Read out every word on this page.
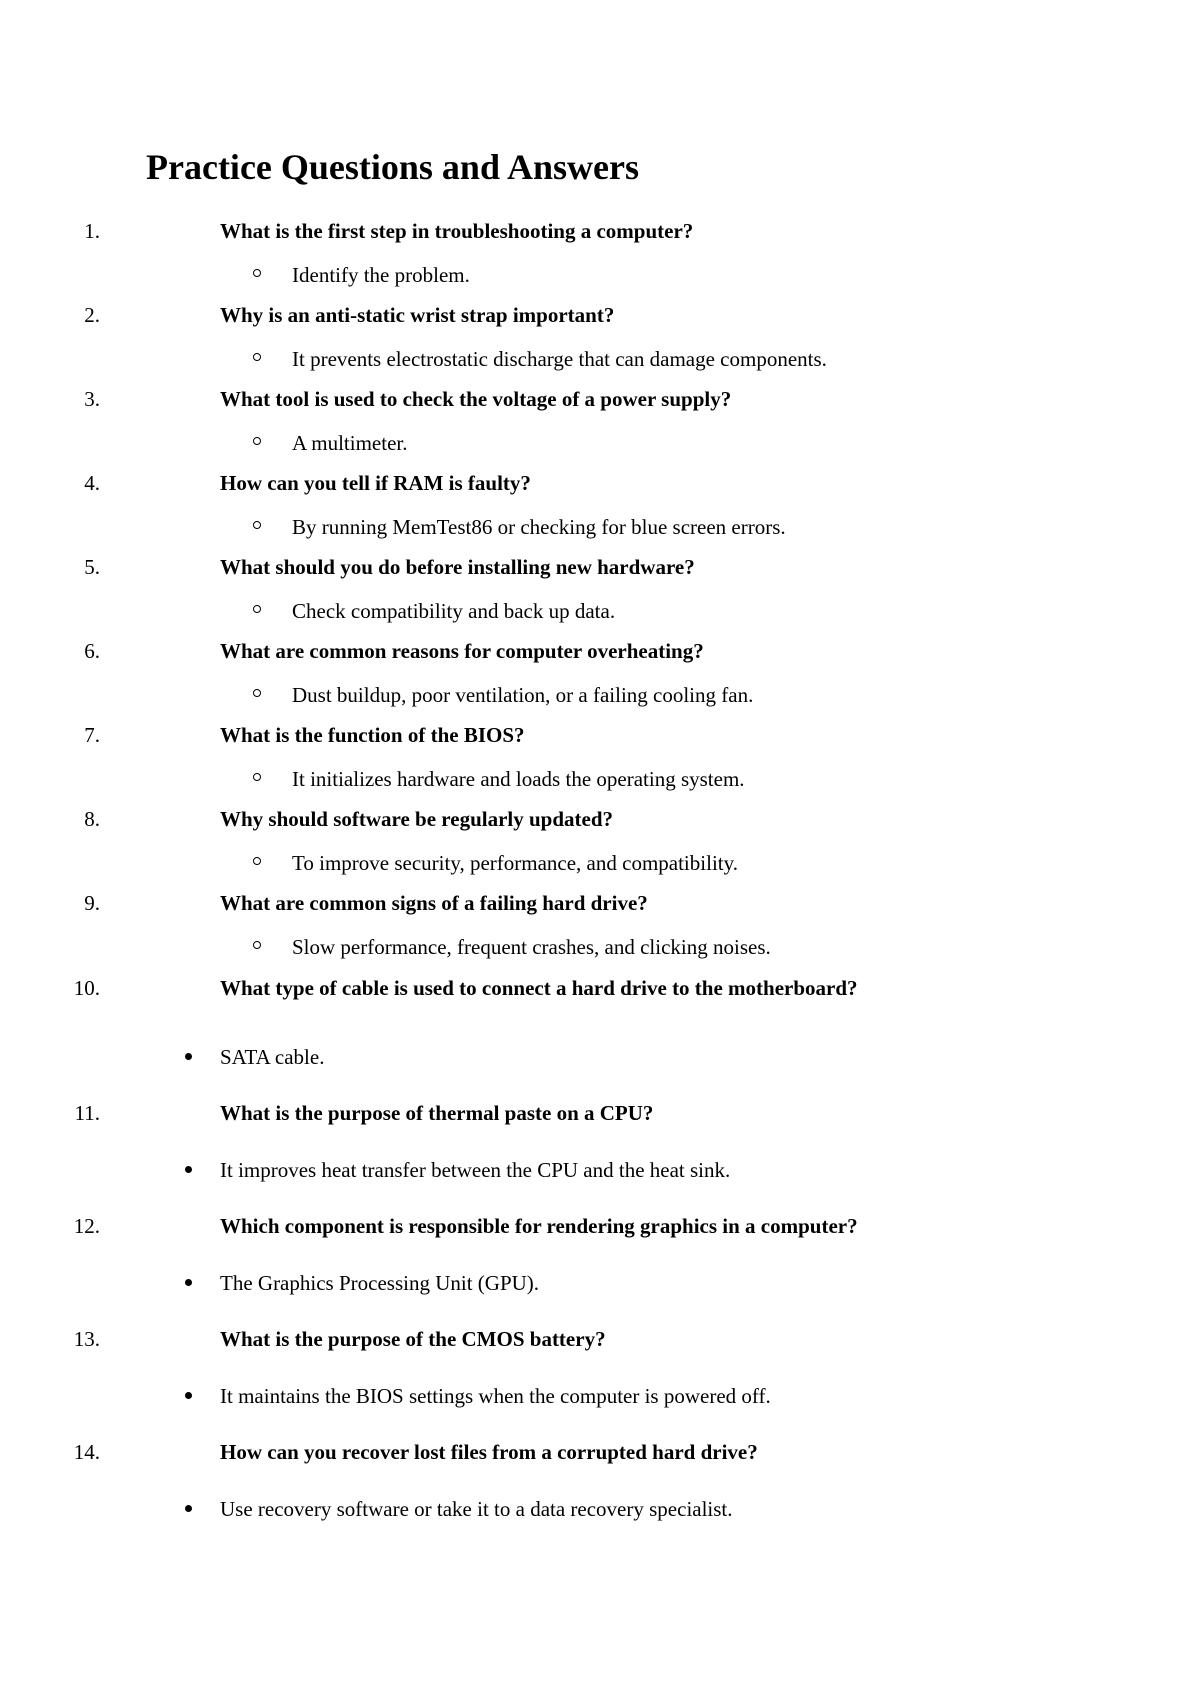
Practice Questions and Answers
1.	What is the first step in troubleshooting a computer?
Identify the problem.
2.	Why is an anti-static wrist strap important?
It prevents electrostatic discharge that can damage components.
3.	What tool is used to check the voltage of a power supply?
A multimeter.
4.	How can you tell if RAM is faulty?
By running MemTest86 or checking for blue screen errors.
5.	What should you do before installing new hardware?
Check compatibility and back up data.
6.	What are common reasons for computer overheating?
Dust buildup, poor ventilation, or a failing cooling fan.
7.	What is the function of the BIOS?
It initializes hardware and loads the operating system.
8.	Why should software be regularly updated?
To improve security, performance, and compatibility.
9.	What are common signs of a failing hard drive?
Slow performance, frequent crashes, and clicking noises.
10.	What type of cable is used to connect a hard drive to the motherboard?
SATA cable.
11.	What is the purpose of thermal paste on a CPU?
It improves heat transfer between the CPU and the heat sink.
12.	Which component is responsible for rendering graphics in a computer?
The Graphics Processing Unit (GPU).
13.	What is the purpose of the CMOS battery?
It maintains the BIOS settings when the computer is powered off.
14.	How can you recover lost files from a corrupted hard drive?
Use recovery software or take it to a data recovery specialist.
